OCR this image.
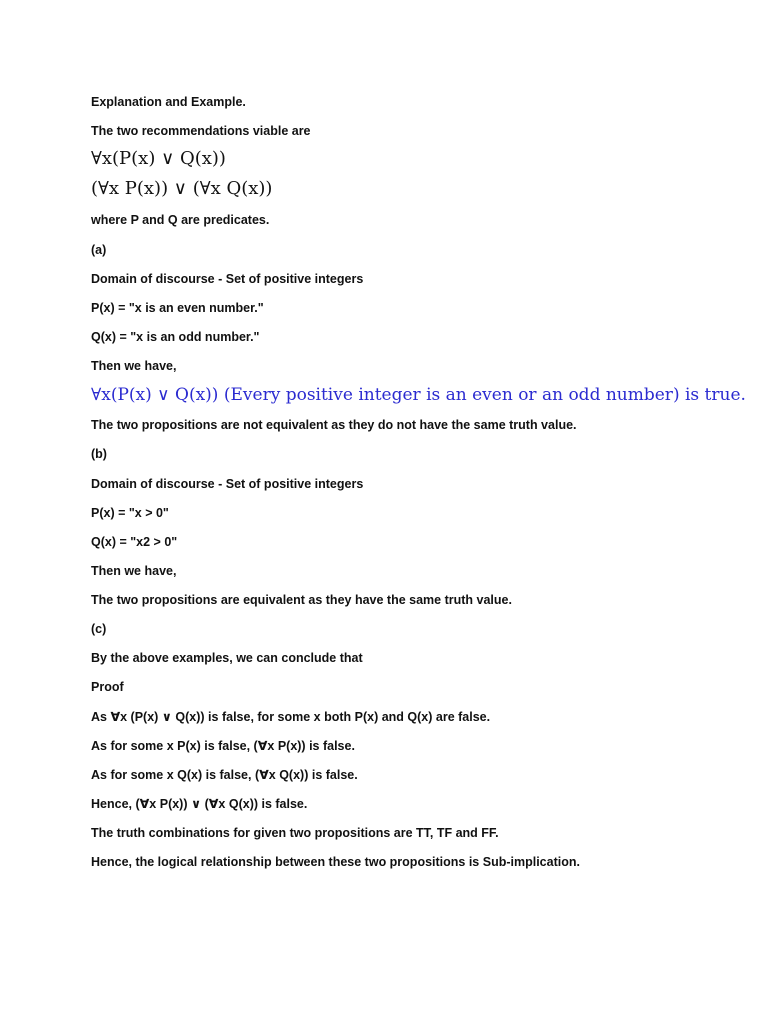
Explanation and Example.

The two recommendations viable are

∀x(P(x) ∨ Q(x))

(∀x P(x)) ∨ (∀x Q(x))

where P and Q are predicates.

(a)

Domain of discourse - Set of positive integers

P(x) = "x is an even number."

Q(x) = "x is an odd number."

Then we have,

∀x(P(x) ∨ Q(x)) (Every positive integer is an even or an odd number) is true.

The two propositions are not equivalent as they do not have the same truth value.

(b)

Domain of discourse - Set of positive integers

P(x) = "x > 0"

Q(x) = "x2 > 0"

Then we have,

The two propositions are equivalent as they have the same truth value.

(c)

By the above examples, we can conclude that

Proof

As ∀x (P(x) ∨ Q(x)) is false, for some x both P(x) and Q(x) are false.

As for some x P(x) is false, (∀x P(x)) is false.

As for some x Q(x) is false, (∀x Q(x)) is false.

Hence, (∀x P(x)) ∨ (∀x Q(x)) is false.

The truth combinations for given two propositions are TT, TF and FF.

Hence, the logical relationship between these two propositions is Sub-implication.
